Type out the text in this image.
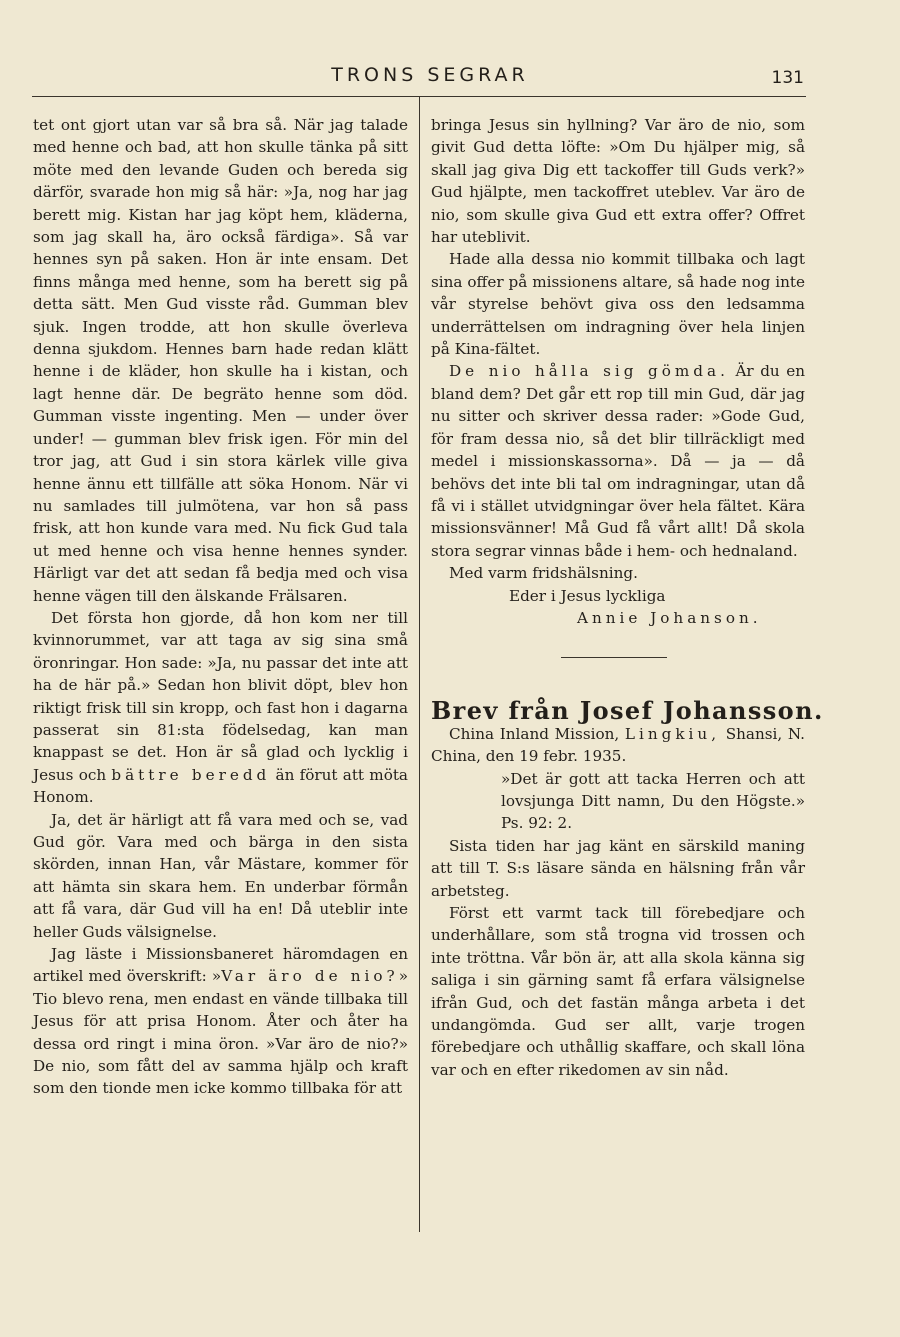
TRONS SEGRAR	131

tet ont gjort utan var så bra så. När jag talade med henne och bad, att hon skulle tänka på sitt möte med den levande Guden och bereda sig därför, svarade hon mig så här: »Ja, nog har jag berett mig. Kistan har jag köpt hem, kläderna, som jag skall ha, äro också färdiga». Så var hennes syn på saken. Hon är inte ensam. Det finns många med henne, som ha berett sig på detta sätt. Men Gud visste råd. Gumman blev sjuk. Ingen trodde, att hon skulle överleva denna sjukdom. Hennes barn hade redan klätt henne i de kläder, hon skulle ha i kistan, och lagt henne där. De begräto henne som död. Gumman visste ingenting. Men — under över under! — gumman blev frisk igen. För min del tror jag, att Gud i sin stora kärlek ville giva henne ännu ett tillfälle att söka Honom. När vi nu samlades till julmötena, var hon så pass frisk, att hon kunde vara med. Nu fick Gud tala ut med henne och visa henne hennes synder. Härligt var det att sedan få bedja med och visa henne vägen till den älskande Frälsaren.

Det första hon gjorde, då hon kom ner till kvinnorummet, var att taga av sig sina små öronringar. Hon sade: »Ja, nu passar det inte att ha de här på.» Sedan hon blivit döpt, blev hon riktigt frisk till sin kropp, och fast hon i dagarna passerat sin 81:sta födelsedag, kan man knappast se det. Hon är så glad och lycklig i Jesus och bättre beredd än förut att möta Honom.

Ja, det är härligt att få vara med och se, vad Gud gör. Vara med och bärga in den sista skörden, innan Han, vår Mästare, kommer för att hämta sin skara hem. En underbar förmån att få vara, där Gud vill ha en! Då uteblir inte heller Guds välsignelse.

Jag läste i Missionsbaneret häromdagen en artikel med överskrift: »Var äro de nio?» Tio blevo rena, men endast en vände tillbaka till Jesus för att prisa Honom. Åter och åter ha dessa ord ringt i mina öron. »Var äro de nio?» De nio, som fått del av samma hjälp och kraft som den tionde men icke kommo tillbaka för att

bringa Jesus sin hyllning? Var äro de nio, som givit Gud detta löfte: »Om Du hjälper mig, så skall jag giva Dig ett tackoffer till Guds verk?» Gud hjälpte, men tackoffret uteblev. Var äro de nio, som skulle giva Gud ett extra offer? Offret har uteblivit.

Hade alla dessa nio kommit tillbaka och lagt sina offer på missionens altare, så hade nog inte vår styrelse behövt giva oss den ledsamma underrättelsen om indragning över hela linjen på Kina-fältet.

De nio hålla sig gömda. Är du en bland dem? Det går ett rop till min Gud, där jag nu sitter och skriver dessa rader: »Gode Gud, för fram dessa nio, så det blir tillräckligt med medel i missionskassorna». Då — ja — då behövs det inte bli tal om indragningar, utan då få vi i stället utvidgningar över hela fältet. Kära missionsvänner! Må Gud få vårt allt! Då skola stora segrar vinnas både i hem- och hednaland.

Med varm fridshälsning.

Eder i Jesus lyckliga

Annie Johanson.

Brev från Josef Johansson.

China Inland Mission, Lingkiu, Shansi, N. China, den 19 febr. 1935.

»Det är gott att tacka Herren och att lovsjunga Ditt namn, Du den Högste.» Ps. 92: 2.

Sista tiden har jag känt en särskild maning att till T. S:s läsare sända en hälsning från vår arbetsteg.

Först ett varmt tack till förebedjare och underhållare, som stå trogna vid trossen och inte tröttna. Vår bön är, att alla skola känna sig saliga i sin gärning samt få erfara välsignelse ifrån Gud, och det fastän många arbeta i det undangömda. Gud ser allt, varje trogen förebedjare och uthållig skaffare, och skall löna var och en efter rikedomen av sin nåd.
